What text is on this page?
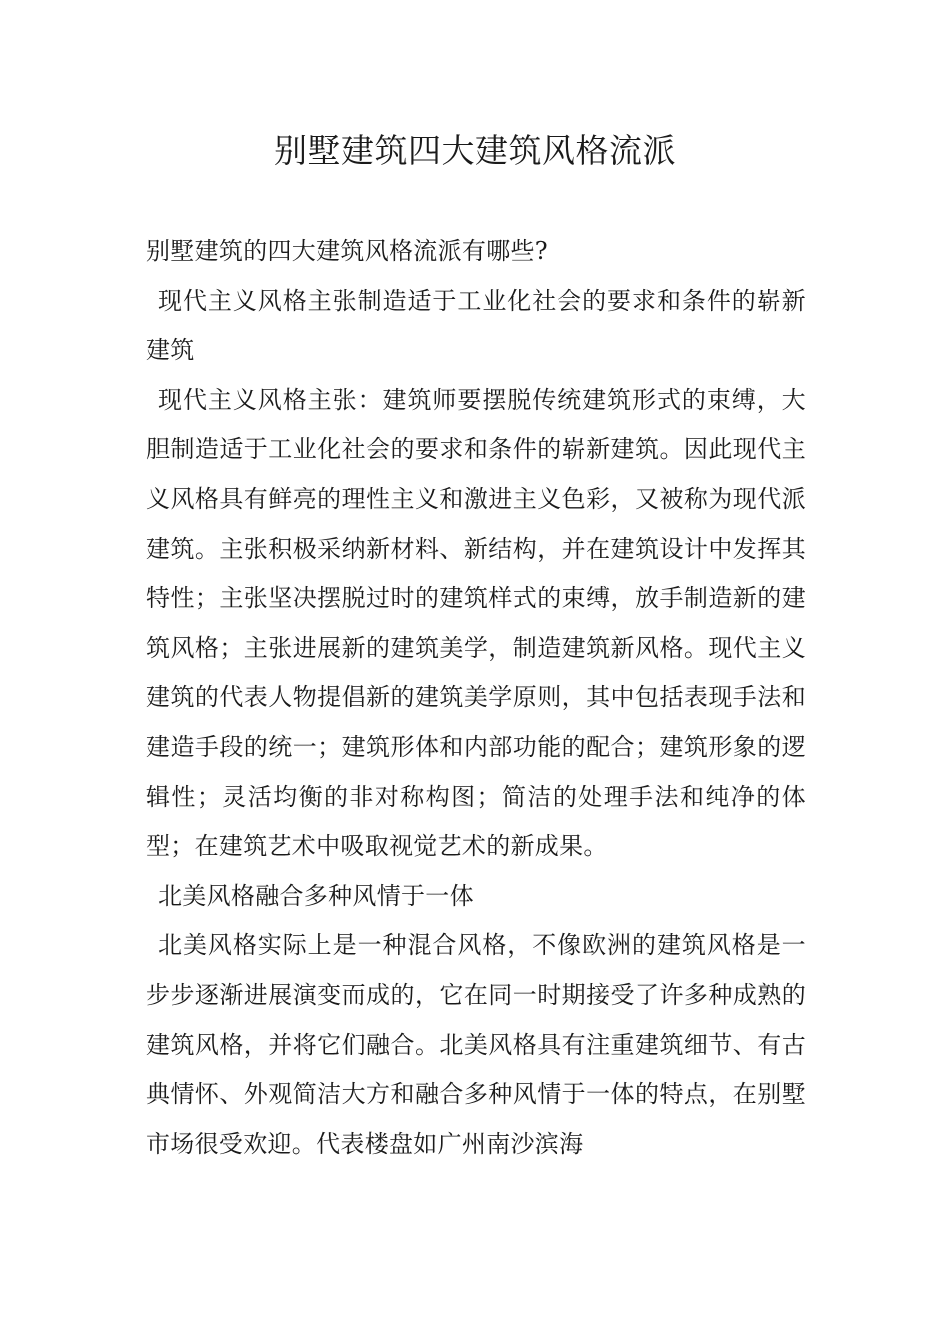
别墅建筑四大建筑风格流派

别墅建筑的四大建筑风格流派有哪些?

现代主义风格主张制造适于工业化社会的要求和条件的崭新建筑

现代主义风格主张：建筑师要摆脱传统建筑形式的束缚，大胆制造适于工业化社会的要求和条件的崭新建筑。因此现代主义风格具有鲜亮的理性主义和激进主义色彩，又被称为现代派建筑。主张积极采纳新材料、新结构，并在建筑设计中发挥其特性；主张坚决摆脱过时的建筑样式的束缚，放手制造新的建筑风格；主张进展新的建筑美学，制造建筑新风格。现代主义建筑的代表人物提倡新的建筑美学原则，其中包括表现手法和建造手段的统一；建筑形体和内部功能的配合；建筑形象的逻辑性；灵活均衡的非对称构图；简洁的处理手法和纯净的体型；在建筑艺术中吸取视觉艺术的新成果。

北美风格融合多种风情于一体

北美风格实际上是一种混合风格，不像欧洲的建筑风格是一步步逐渐进展演变而成的，它在同一时期接受了许多种成熟的建筑风格，并将它们融合。北美风格具有注重建筑细节、有古典情怀、外观简洁大方和融合多种风情于一体的特点，在别墅市场很受欢迎。代表楼盘如广州南沙滨海
